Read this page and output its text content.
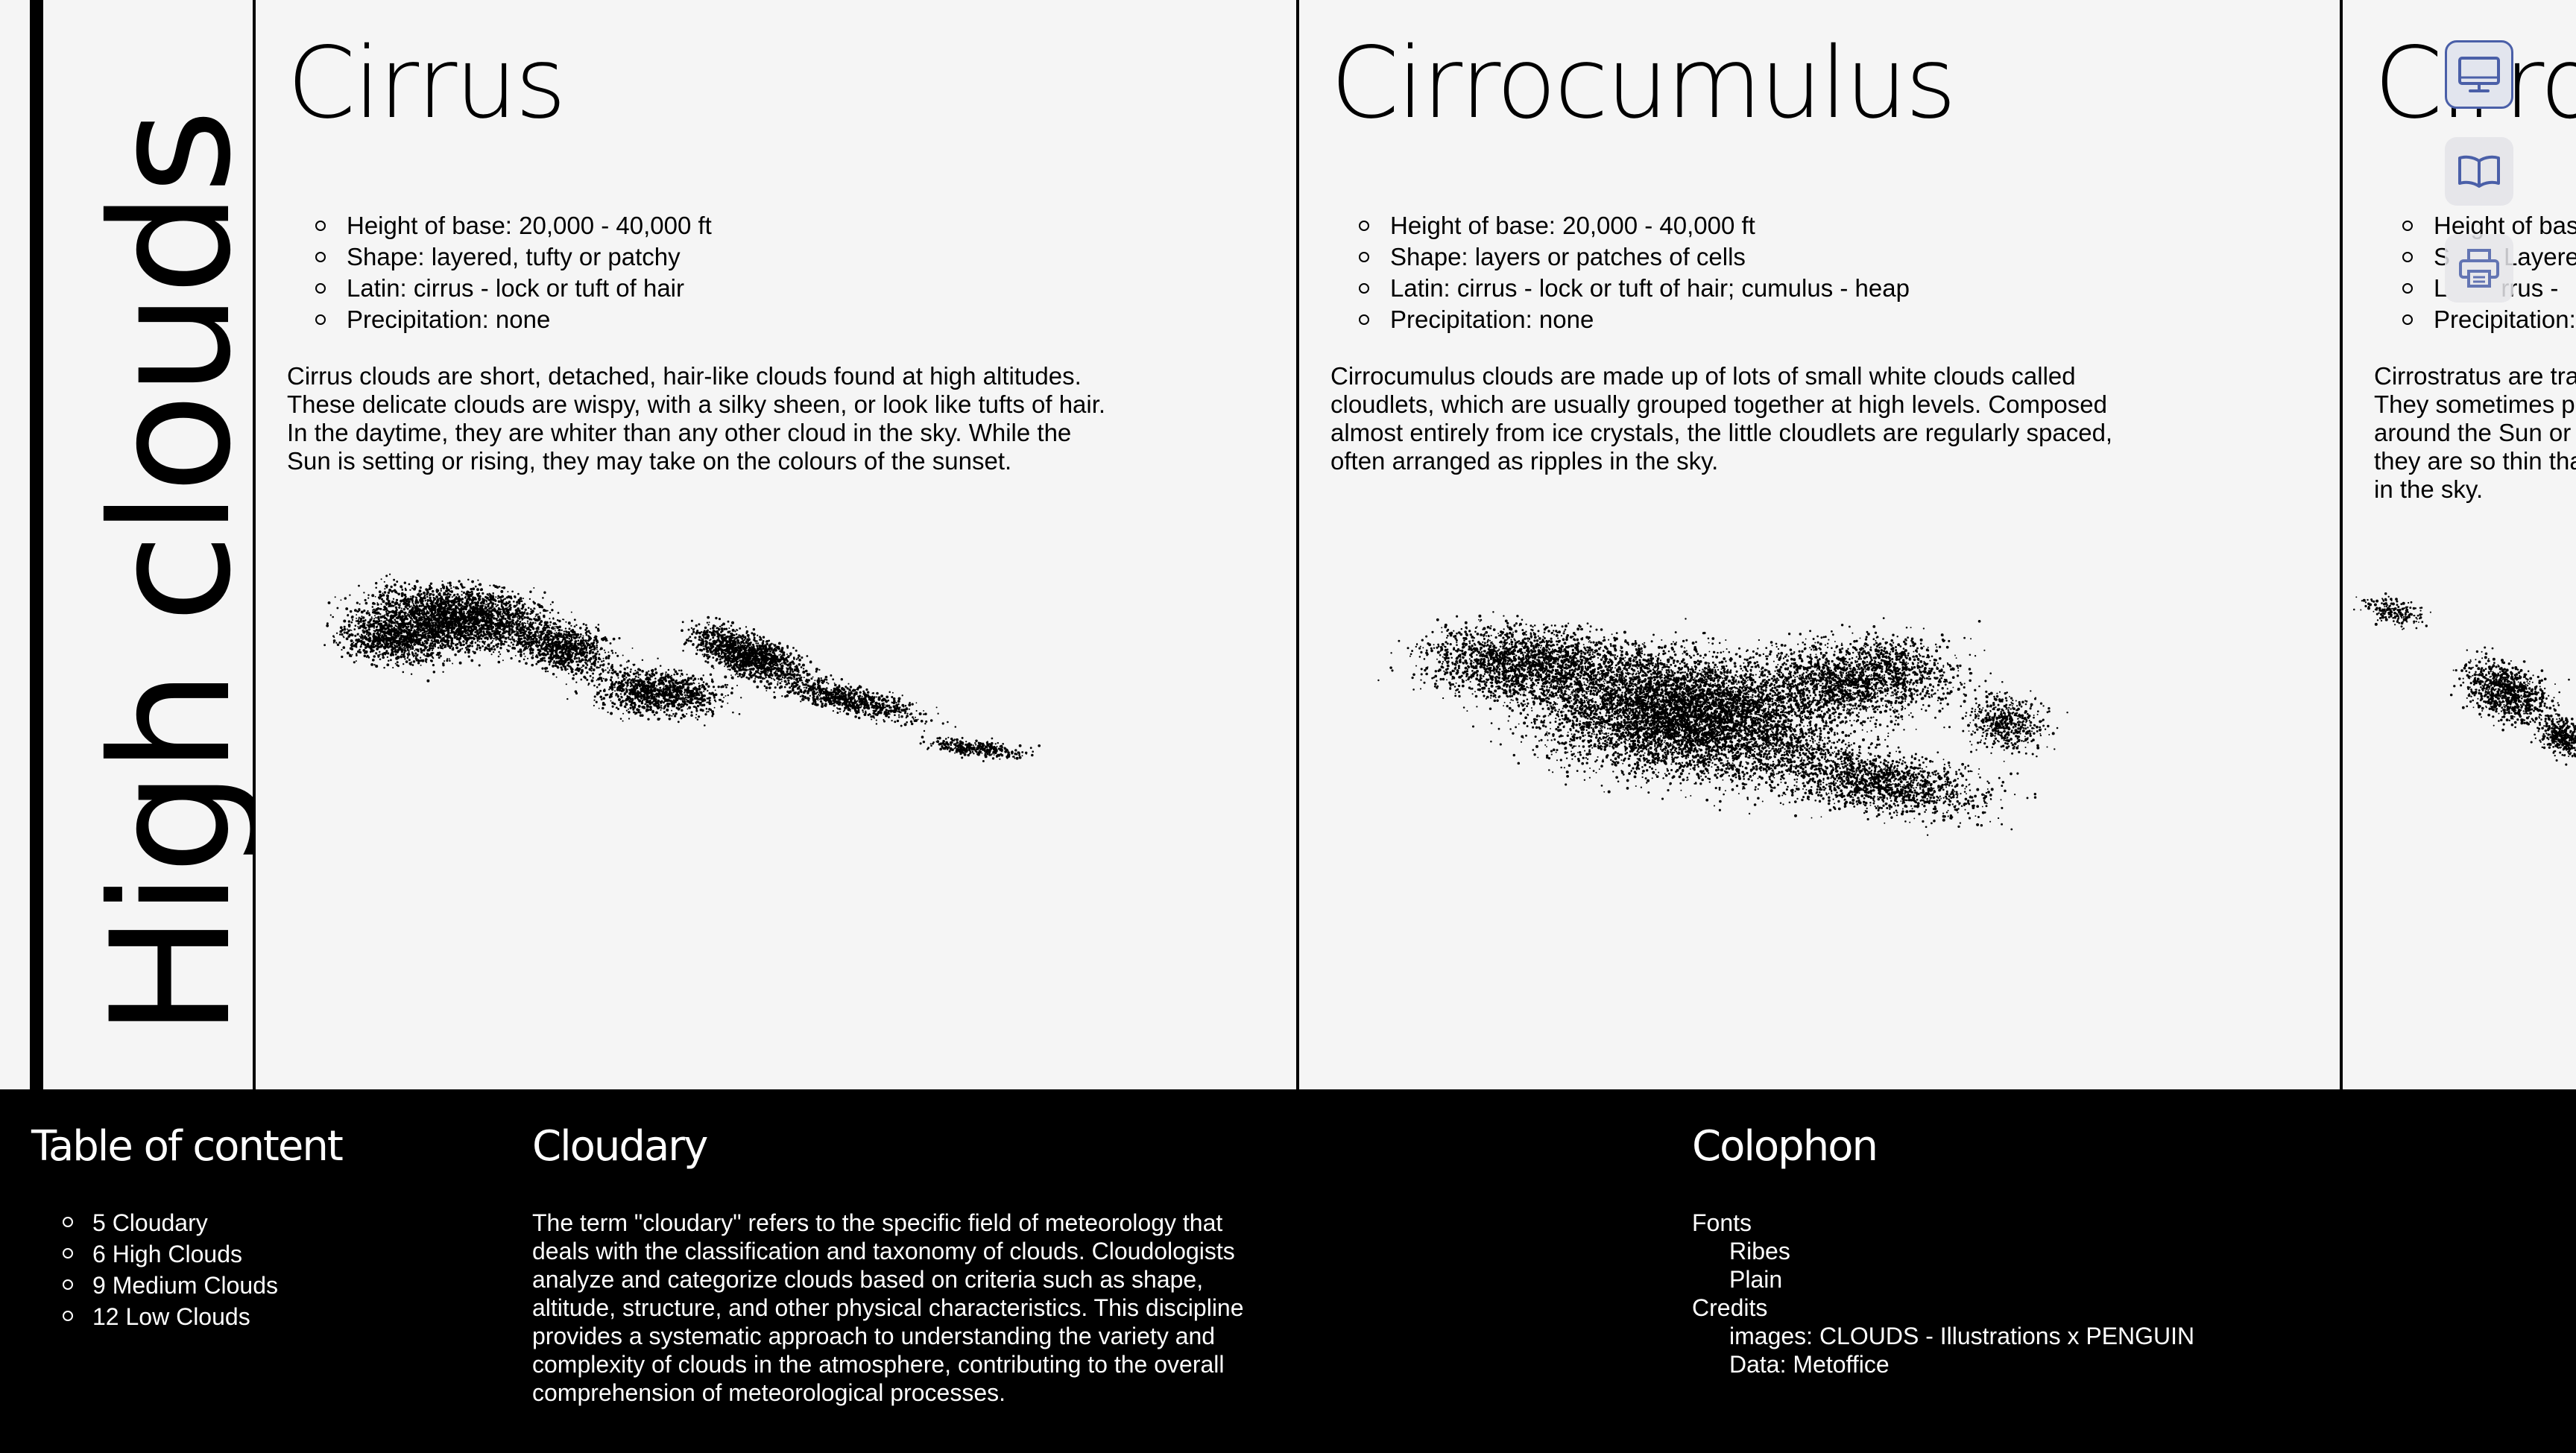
High clouds
Cirrus
Height of base: 20,000 - 40,000 ft
Shape: layered, tufty or patchy
Latin: cirrus - lock or tuft of hair
Precipitation: none

Cirrus clouds are short, detached, hair-like clouds found at high altitudes. These delicate clouds are wispy, with a silky sheen, or look like tufts of hair. In the daytime, they are whiter than any other cloud in the sky. While the Sun is setting or rising, they may take on the colours of the sunset.

Cirrocumulus
Height of base: 20,000 - 40,000 ft
Shape: layers or patches of cells
Latin: cirrus - lock or tuft of hair; cumulus - heap
Precipitation: none

Cirrocumulus clouds are made up of lots of small white clouds called cloudlets, which are usually grouped together at high levels. Composed almost entirely from ice crystals, the little cloudlets are regularly spaced, often arranged as ripples in the sky.

Height of bas
S Layere
L rrus -
Precipitation:
Cirrostratus are tran
They sometimes p
around the Sun or
they are so thin tha
in the sky.
Table of content
5 Cloudary
6 High Clouds
9 Medium Clouds
12 Low Clouds
Cloudary

The term "cloudary" refers to the specific field of meteorology that deals with the classification and taxonomy of clouds. Cloudologists analyze and categorize clouds based on criteria such as shape, altitude, structure, and other physical characteristics. This discipline provides a systematic approach to understanding the variety and complexity of clouds in the atmosphere, contributing to the overall comprehension of meteorological processes.

Colophon
Fonts
Ribes
Plain
Credits
images: CLOUDS - Illustrations x PENGUIN
Data: Metoffice
